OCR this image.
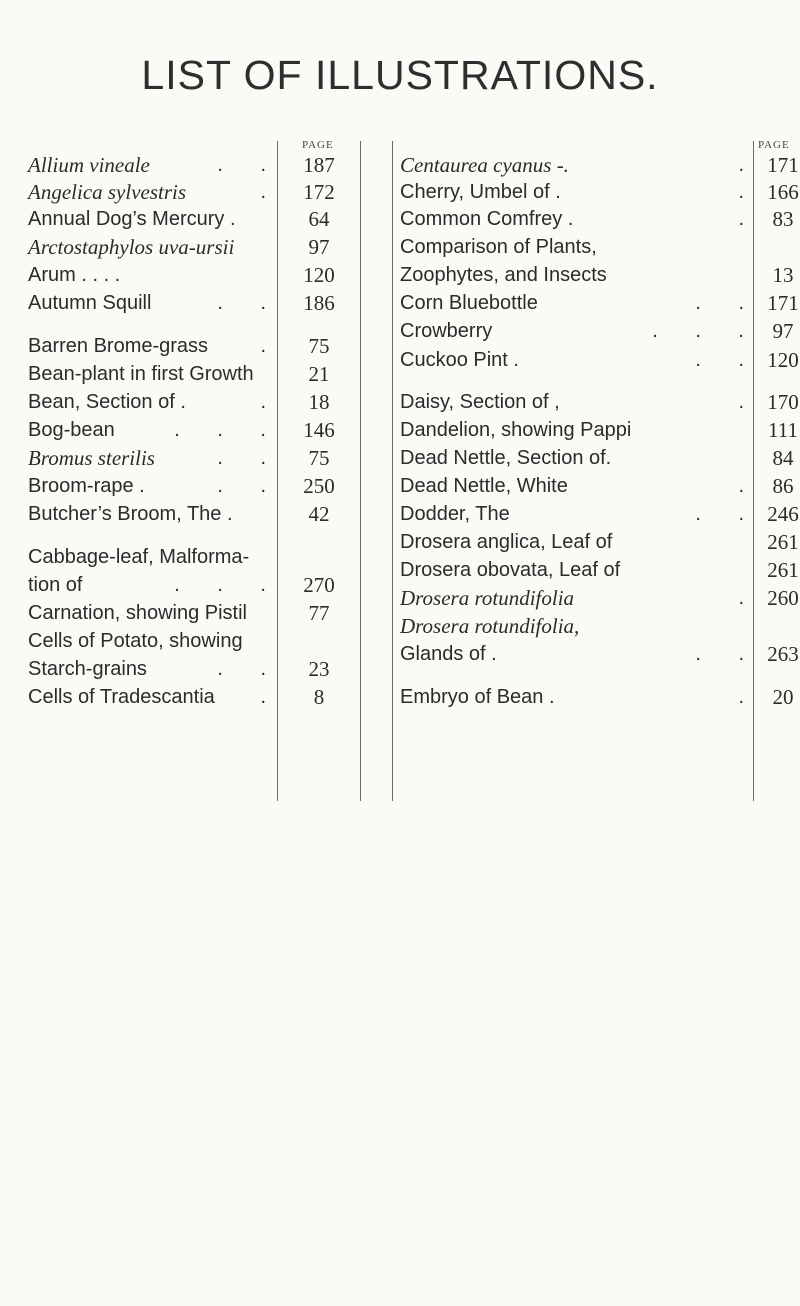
LIST OF ILLUSTRATIONS.
PAGE	PAGE
Allium vineale	. .	187
Angelica sylvestris	.	172
Annual Dog’s Mercury .	64
Arctostaphylos uva-ursii	97
Arum . . . .	120
Autumn Squill	. .	186
Barren Brome-grass	.	75
Bean-plant in first Growth	21
Bean, Section of .	.	18
Bog-bean	. . .	146
Bromus sterilis	. .	75
Broom-rape .	. .	250
Butcher’s Broom, The .	42
Cabbage-leaf, Malforma-
tion of	. . .	270
Carnation, showing Pistil	77
Cells of Potato, showing
Starch-grains	. .	23
Cells of Tradescantia .	8
Centaurea cyanus -.	. 171
Cherry, Umbel of .	. 166
Common Comfrey .	. 83
Comparison of Plants,
Zoophytes, and Insects	13
Corn Bluebottle	. . 171
Crowberry	. . . 97
Cuckoo Pint .	. . 120
Daisy, Section of ,	. 170
Dandelion, showing Pappi	111
Dead Nettle, Section of.	84
Dead Nettle, White	. 86
Dodder, The	. . 246
Drosera anglica, Leaf of	261
Drosera obovata, Leaf of	261
Drosera rotundifolia	. 260
Drosera rotundifolia,
Glands of .	. . 263
Embryo of Bean .	. 20
